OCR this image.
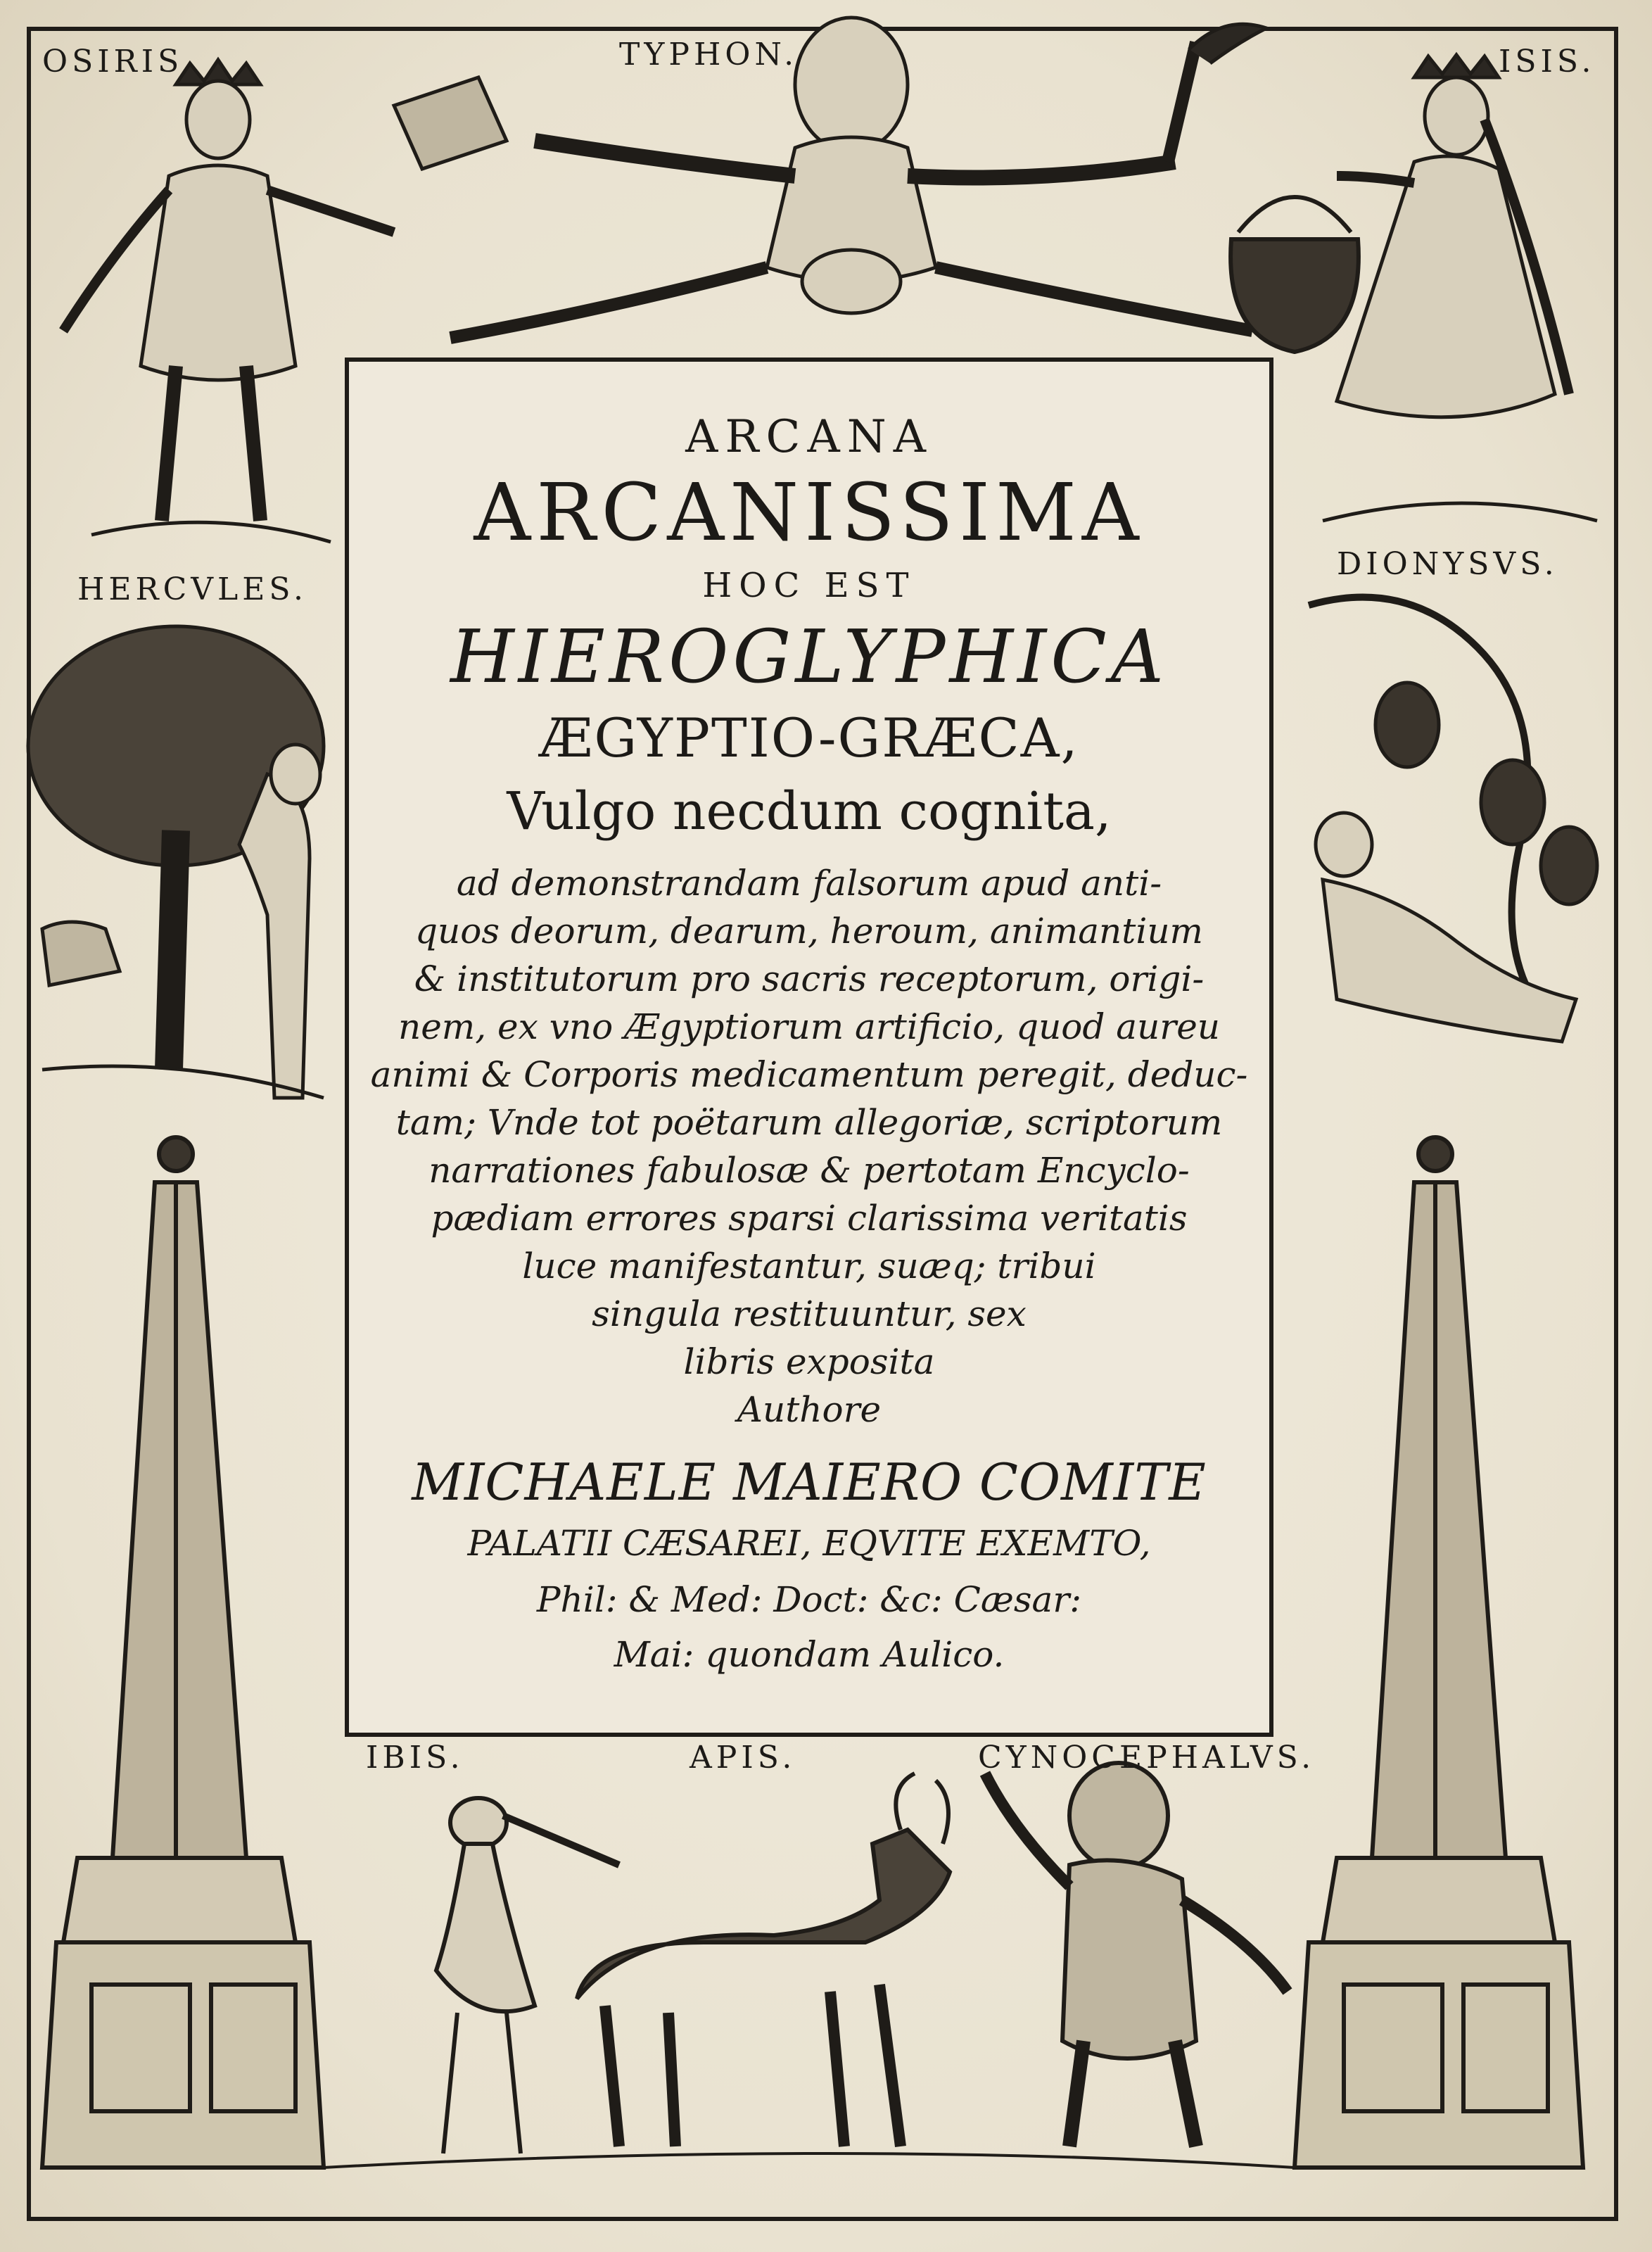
OSIRIS	TYPHON.	ISIS.
HERCVLES.
DIONYSVS.
IBIS.	APIS.	CYNOCEPHALVS.
ARCANA
ARCANISSIMA
HOC EST
HIEROGLYPHICA
ÆGYPTIO-GRÆCA,
Vulgo necdum cognita,
ad demonstrandam falsorum apud anti-
quos deorum, dearum, heroum, animantium
& institutorum pro sacris receptorum, origi-
nem, ex vno Ægyptiorum artificio, quod aureu
animi & Corporis medicamentum peregit, deduc-
tam; Vnde tot poëtarum allegoriæ, scriptorum
narrationes fabulosæ & pertotam Encyclo-
pædiam errores sparsi clarissima veritatis
luce manifestantur, suæq; tribui
singula restituuntur, sex
libris exposita
Authore
MICHAELE MAIERO COMITE
PALATII CÆSAREI, EQVITE EXEMTO,
Phil: & Med: Doct: &c: Cæsar:
Mai: quondam Aulico.
